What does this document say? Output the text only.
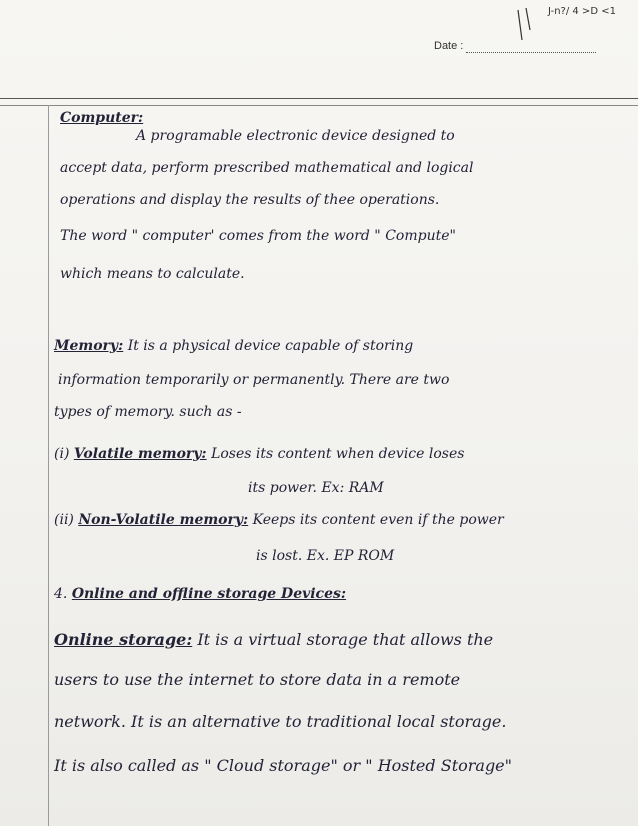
J-n?/ 4 >D <1
Date :
Computer:
A programable electronic device designed to
accept data, perform prescribed mathematical and logical
operations and display the results of thee operations.
The word " computer' comes from the word " Compute"
which means to calculate.
Memory: It is a physical device capable of storing
information temporarily or permanently. There are two
types of memory. such as -
(i) Volatile memory: Loses its content when device loses
its power. Ex: RAM
(ii) Non-Volatile memory: Keeps its content even if the power
is lost. Ex. EP ROM
4. Online and offline storage Devices:
Online storage: It is a virtual storage that allows the
users to use the internet to store data in a remote
network. It is an alternative to traditional local storage.
It is also called as " Cloud storage" or " Hosted Storage"
